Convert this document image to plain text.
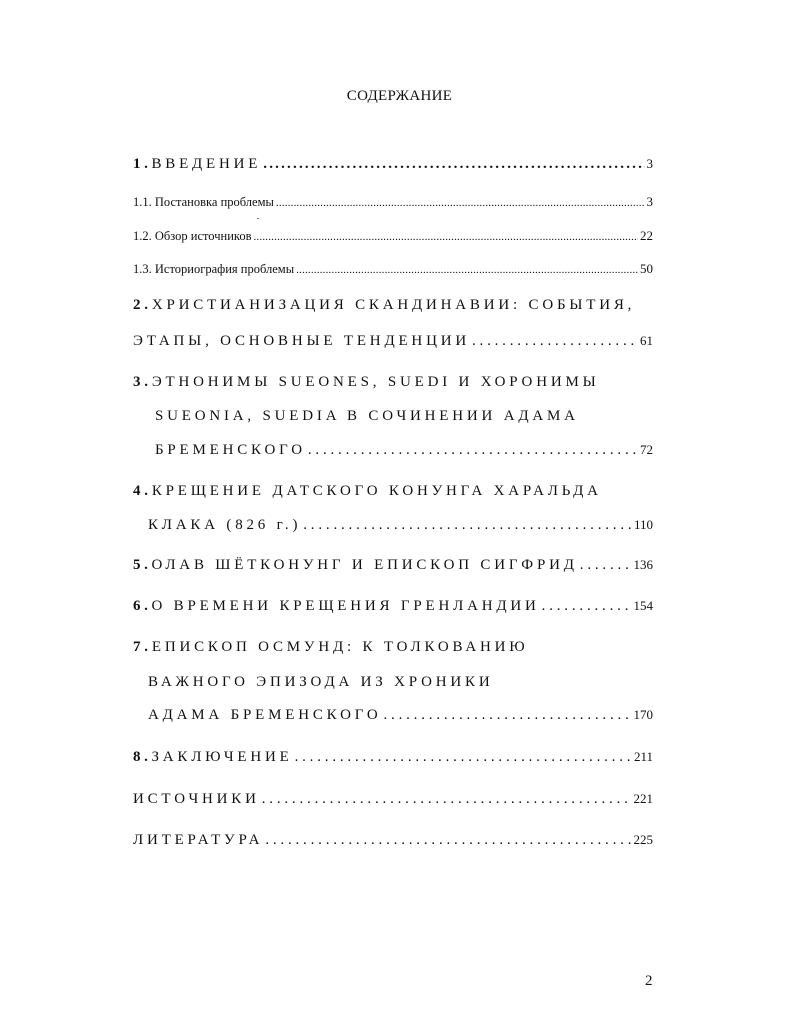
СОДЕРЖАНИЕ
1. ВВЕДЕНИЕ .....	3
1.1. Постановка проблемы .....	3
1.2. Обзор источников .....	22
1.3. Историография проблемы .....	50
2.ХРИСТИАНИЗАЦИЯ СКАНДИНАВИИ: СОБЫТИЯ,
ЭТАПЫ, ОСНОВНЫЕ ТЕНДЕНЦИИ .....	61
3.ЭТНОНИМЫ SUEONES, SUEDI И ХОРОНИМЫ
SUEONIA, SUEDIA В СОЧИНЕНИИ АДАМА
БРЕМЕНСКОГО .....	72
4.КРЕЩЕНИЕ ДАТСКОГО КОНУНГА ХАРАЛЬДА
КЛАКА (826 г.) .....	110
5. ОЛАВ ШЁТКОНУНГ И ЕПИСКОП СИГФРИД .....	136
6. О ВРЕМЕНИ КРЕЩЕНИЯ ГРЕНЛАНДИИ .....	154
7.ЕПИСКОП ОСМУНД: К ТОЛКОВАНИЮ
ВАЖНОГО ЭПИЗОДА ИЗ ХРОНИКИ
АДАМА БРЕМЕНСКОГО .....	170
8. ЗАКЛЮЧЕНИЕ .....	211
ИСТОЧНИКИ .....	221
ЛИТЕРАТУРА .....	225
2
